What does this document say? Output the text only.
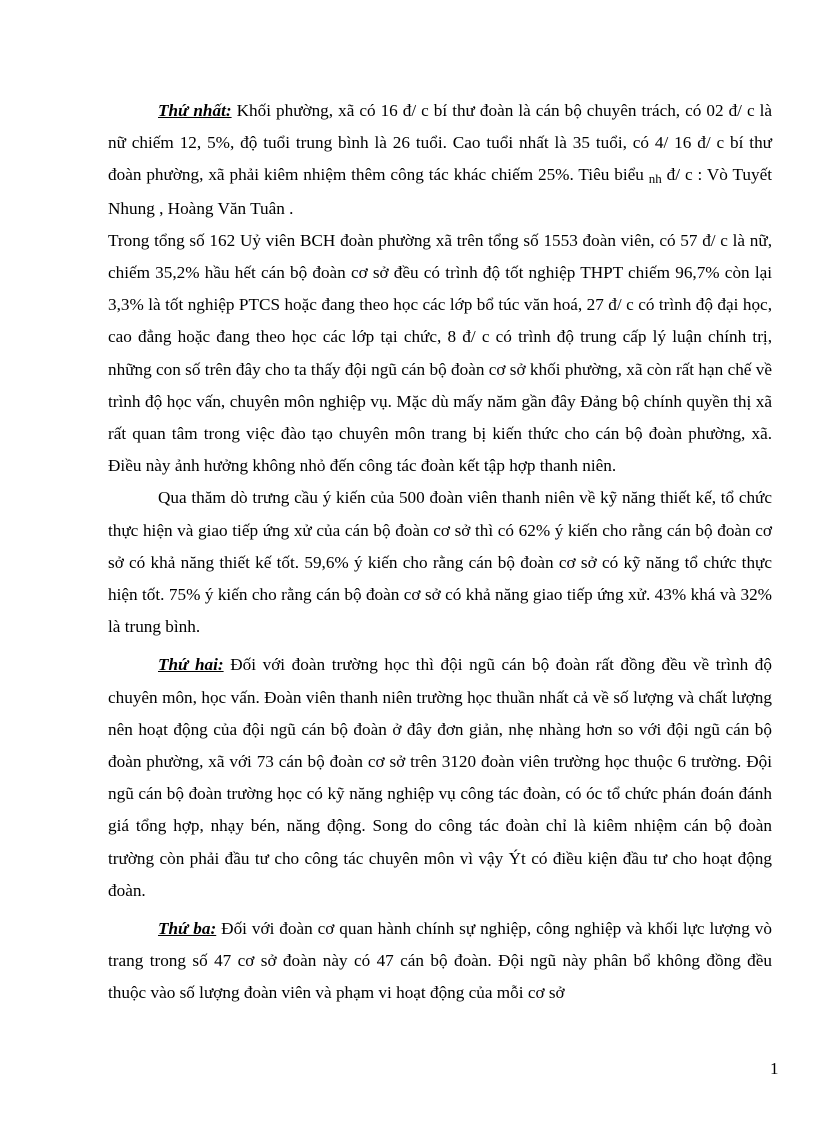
Thứ nhất: Khối phường, xã có 16 đ/ c bí thư đoàn là cán bộ chuyên trách, có 02 đ/ c là nữ chiếm 12, 5%, độ tuổi trung bình là 26 tuổi. Cao tuổi nhất là 35 tuổi, có 4/ 16 đ/ c bí thư đoàn phường, xã phải kiêm nhiệm thêm công tác khác chiếm 25%. Tiêu biểu nh đ/ c : Vò Tuyết Nhung , Hoàng Văn Tuân .

Trong tổng số 162 Uỷ viên BCH đoàn phường xã trên tổng số 1553 đoàn viên, có 57 đ/ c là nữ, chiếm 35,2% hầu hết cán bộ đoàn cơ sở đều có trình độ tốt nghiệp THPT chiếm 96,7% còn lại 3,3% là tốt nghiệp PTCS hoặc đang theo học các lớp bổ túc văn hoá, 27 đ/ c có trình độ đại học, cao đẳng hoặc đang theo học các lớp tại chức, 8 đ/ c có trình độ trung cấp lý luận chính trị, những con số trên đây cho ta thấy đội ngũ cán bộ đoàn cơ sở khối phường, xã còn rất hạn chế về trình độ học vấn, chuyên môn nghiệp vụ. Mặc dù mấy năm gần đây Đảng bộ chính quyền thị xã rất quan tâm trong việc đào tạo chuyên môn trang bị kiến thức cho cán bộ đoàn phường, xã. Điều này ảnh hưởng không nhỏ đến công tác đoàn kết tập hợp thanh niên.

Qua thăm dò trưng cầu ý kiến của 500 đoàn viên thanh niên về kỹ năng thiết kế, tổ chức thực hiện và giao tiếp ứng xử của cán bộ đoàn cơ sở thì có 62% ý kiến cho rằng cán bộ đoàn cơ sở có khả năng thiết kế tốt. 59,6% ý kiến cho rằng cán bộ đoàn cơ sở có kỹ năng tổ chức thực hiện tốt. 75% ý kiến cho rằng cán bộ đoàn cơ sở có khả năng giao tiếp ứng xử. 43% khá và 32% là trung bình.

Thứ hai: Đối với đoàn trường học thì đội ngũ cán bộ đoàn rất đồng đều về trình độ chuyên môn, học vấn. Đoàn viên thanh niên trường học thuần nhất cả về số lượng và chất lượng nên hoạt động của đội ngũ cán bộ đoàn ở đây đơn giản, nhẹ nhàng hơn so với đội ngũ cán bộ đoàn phường, xã với 73 cán bộ đoàn cơ sở trên 3120 đoàn viên trường học thuộc 6 trường. Đội ngũ cán bộ đoàn trường học có kỹ năng nghiệp vụ công tác đoàn, có óc tổ chức phán đoán đánh giá tổng hợp, nhạy bén, năng động. Song do công tác đoàn chỉ là kiêm nhiệm cán bộ đoàn trường còn phải đầu tư cho công tác chuyên môn vì vậy Ýt có điều kiện đầu tư cho hoạt động đoàn.

Thứ ba: Đối với đoàn cơ quan hành chính sự nghiệp, công nghiệp và khối lực lượng vò trang trong số 47 cơ sở đoàn này có 47 cán bộ đoàn. Đội ngũ này phân bổ không đồng đều thuộc vào số lượng đoàn viên và phạm vi hoạt động của mỗi cơ sở

1
